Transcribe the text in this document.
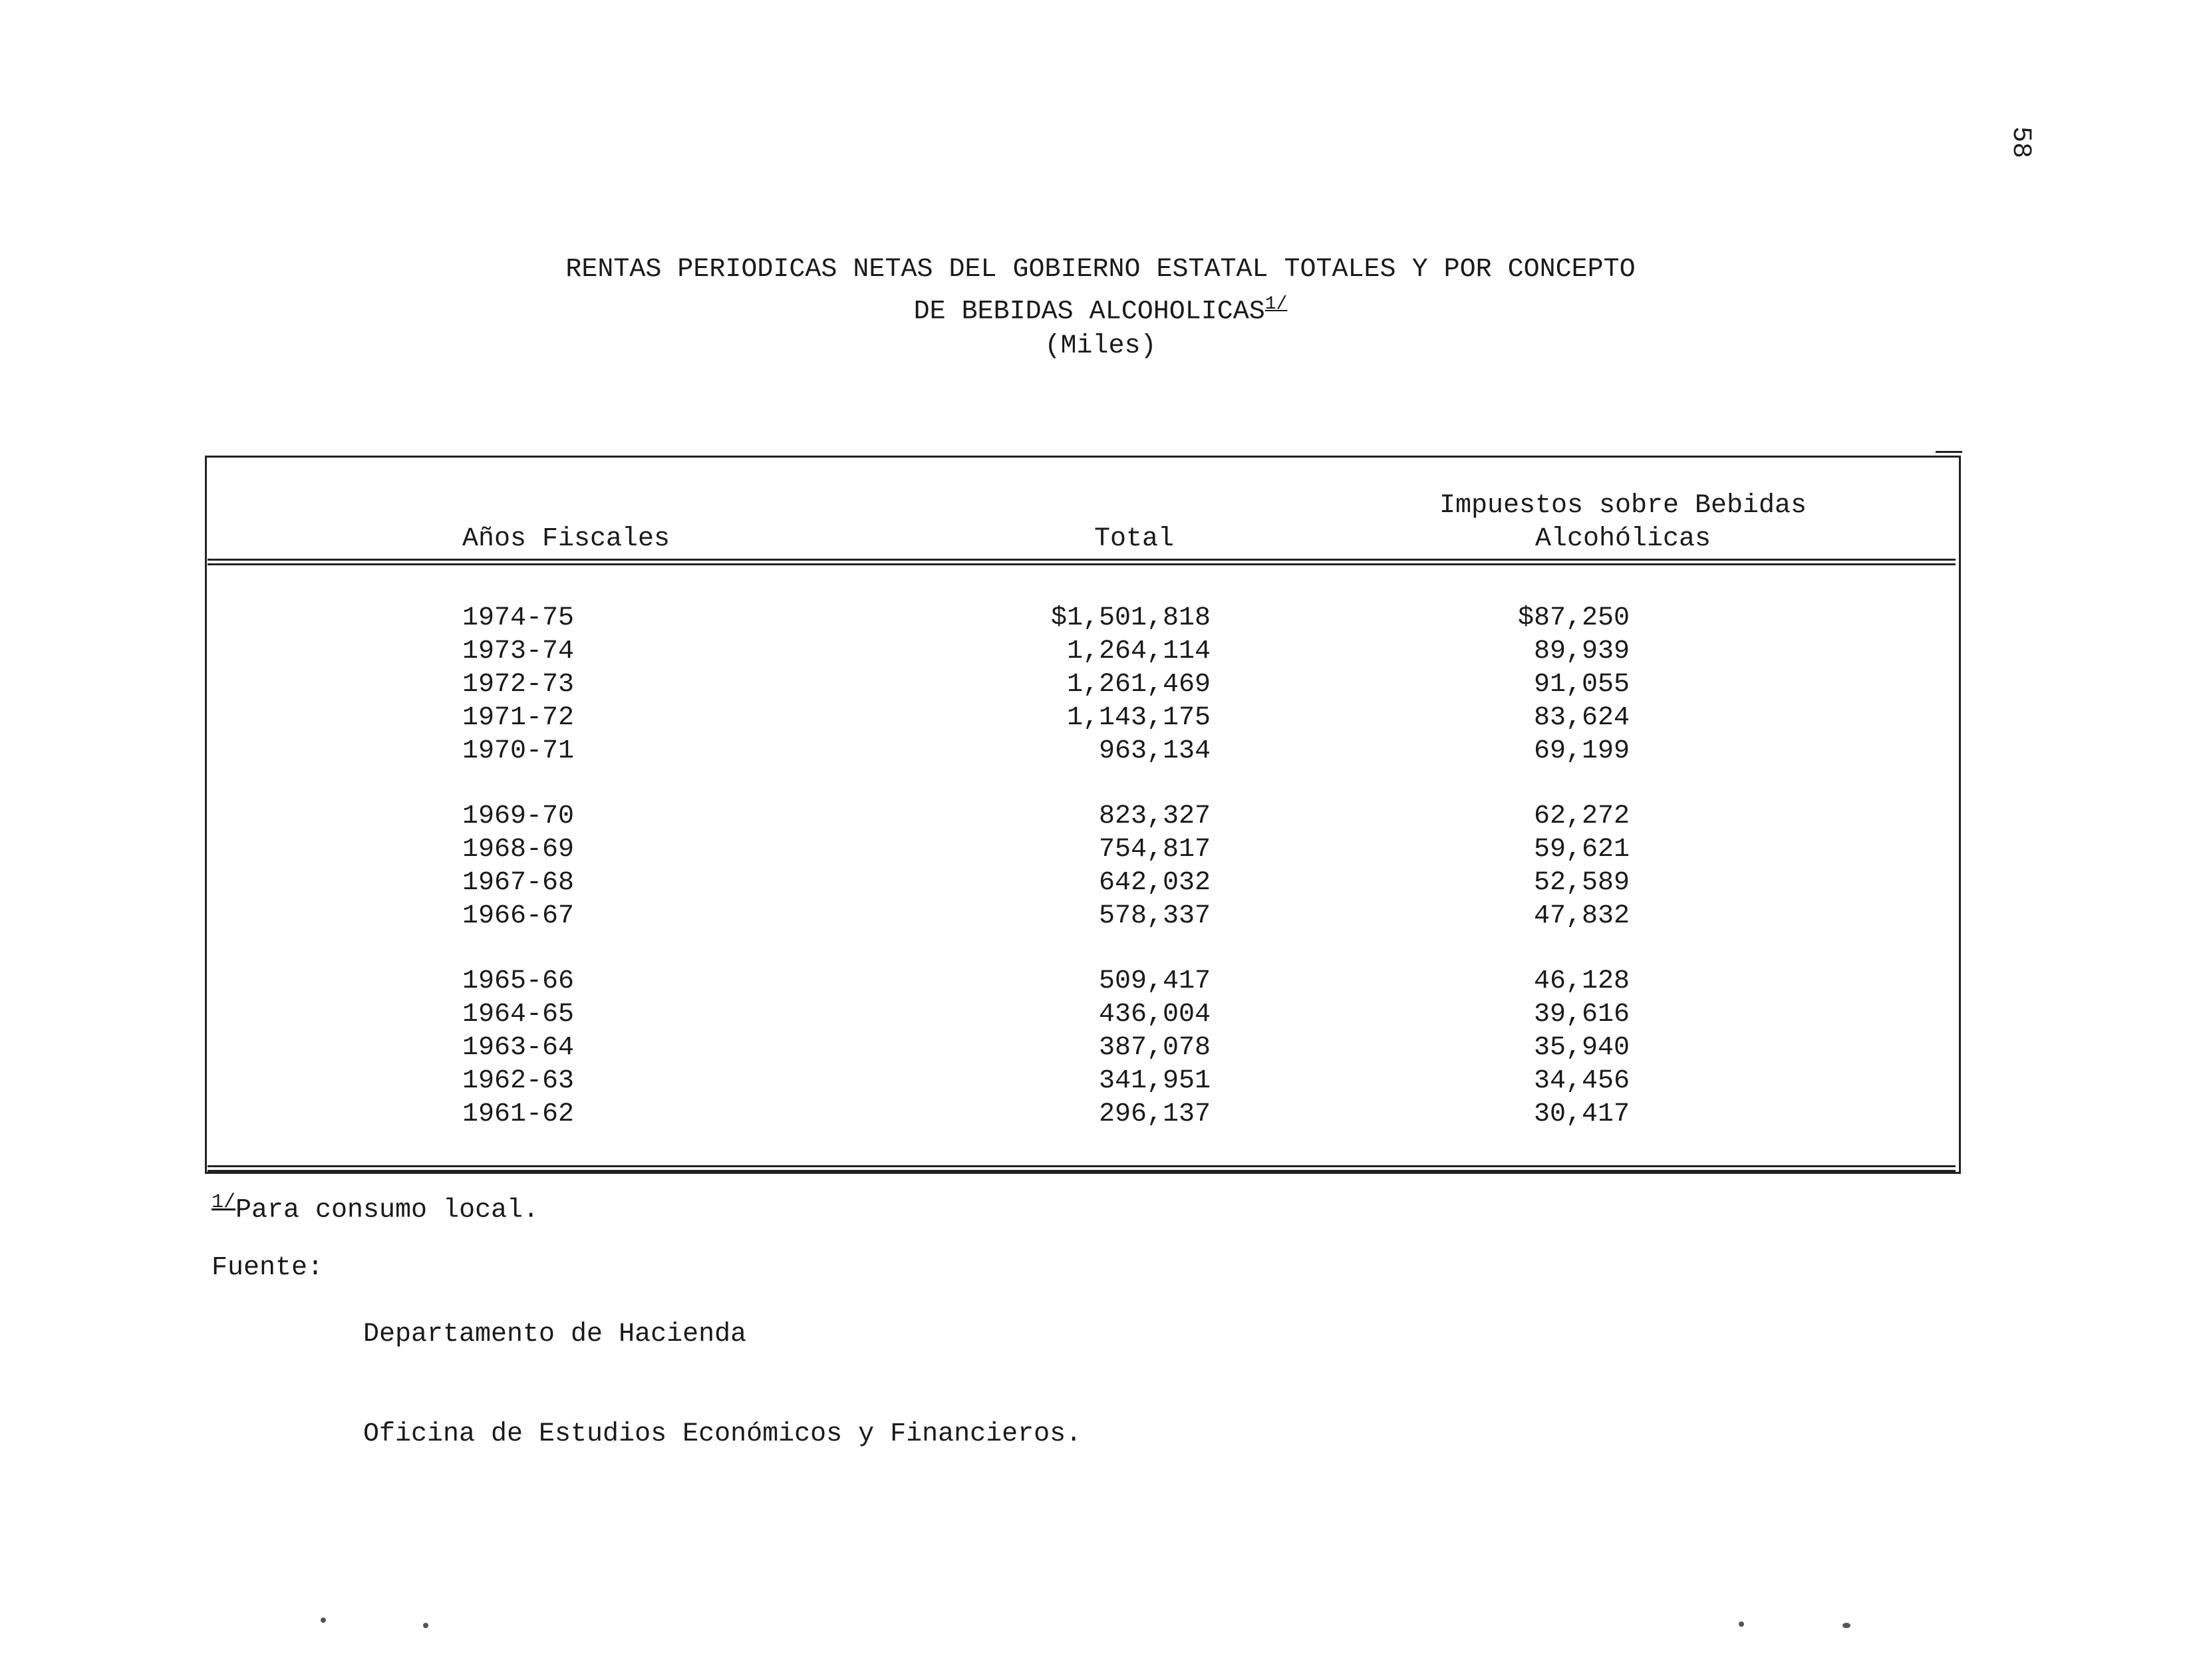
58
RENTAS PERIODICAS NETAS DEL GOBIERNO ESTATAL TOTALES Y POR CONCEPTO
DE BEBIDAS $ALCOHOLICAS^{1/}$
(Miles)
Años Fiscales	Total
Impuestos sobre Bebidas
Alcohólicas
1974-75	$1,501,818	$87,250
1973-74	1,264,114	89,939
1972-73	1,261,469	91,055
1971-72	1,143,175	83,624
1970-71	963,134	69,199
1969-70	823,327	62,272
1968-69	754,817	59,621
1967-68	642,032	52,589
1966-67	578,337	47,832
1965-66	509,417	46,128
1964-65	436,004	39,616
1963-64	387,078	35,940
1962-63	341,951	34,456
1961-62	296,137	30,417
$^{1/}$Para consumo local.
Fuente:

Departamento de Hacienda

Oficina de Estudios Económicos y Financieros.
